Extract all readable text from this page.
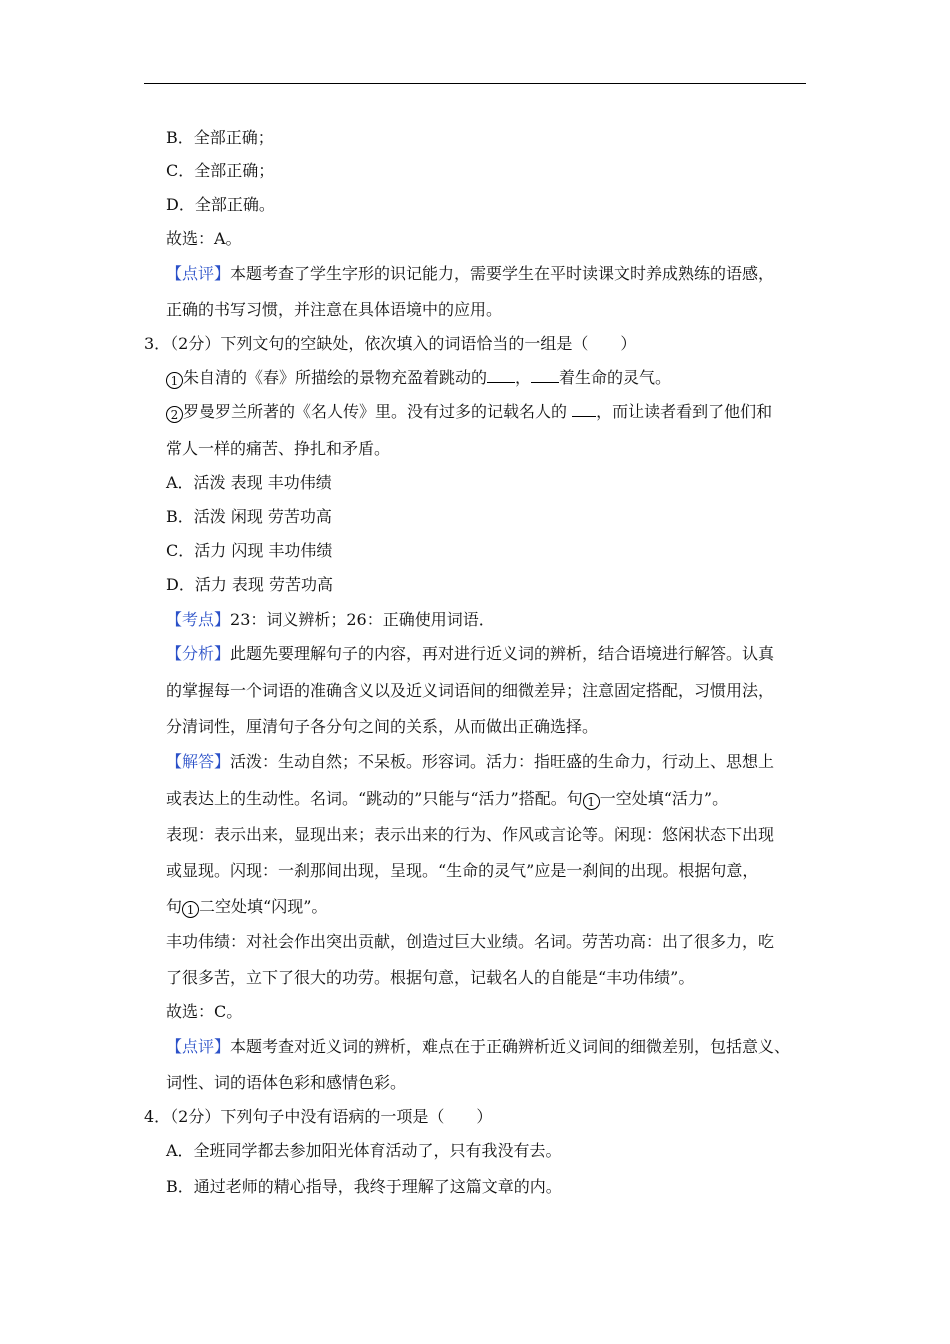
B．全部正确；
C．全部正确；
D．全部正确。
故选：A。
【点评】本题考查了学生字形的识记能力，需要学生在平时读课文时养成熟练的语感，
正确的书写习惯，并注意在具体语境中的应用。
3．（2分）下列文句的空缺处，依次填入的词语恰当的一组是（　　）
1 朱自清的《春》所描绘的景物充盈着跳动的 ， 着生命的灵气。
2 罗曼罗兰所著的《名人传》里。没有过多的记载名人的 ，而让读者看到了他们和
常人一样的痛苦、挣扎和矛盾。
A．活泼 表现 丰功伟绩
B．活泼 闲现 劳苦功高
C．活力 闪现 丰功伟绩
D．活力 表现 劳苦功高
【考点】23：词义辨析；26：正确使用词语．
【分析】此题先要理解句子的内容，再对进行近义词的辨析，结合语境进行解答。认真
的掌握每一个词语的准确含义以及近义词语间的细微差异；注意固定搭配，习惯用法，
分清词性，厘清句子各分句之间的关系，从而做出正确选择。
【解答】活泼：生动自然；不呆板。形容词。活力：指旺盛的生命力，行动上、思想上
或表达上的生动性。名词。“跳动的”只能与“活力”搭配。句 1 一空处填“活力”。
表现：表示出来，显现出来；表示出来的行为、作风或言论等。闲现：悠闲状态下出现
或显现。闪现：一刹那间出现，呈现。“生命的灵气”应是一刹间的出现。根据句意，
句 1 二空处填“闪现”。
丰功伟绩：对社会作出突出贡献，创造过巨大业绩。名词。劳苦功高：出了很多力，吃
了很多苦，立下了很大的功劳。根据句意，记载名人的自能是“丰功伟绩”。
故选：C。
【点评】本题考查对近义词的辨析，难点在于正确辨析近义词间的细微差别，包括意义、
词性、词的语体色彩和感情色彩。
4．（2分）下列句子中没有语病的一项是（　　）
A．全班同学都去参加阳光体育活动了，只有我没有去。
B．通过老师的精心指导，我终于理解了这篇文章的内。
